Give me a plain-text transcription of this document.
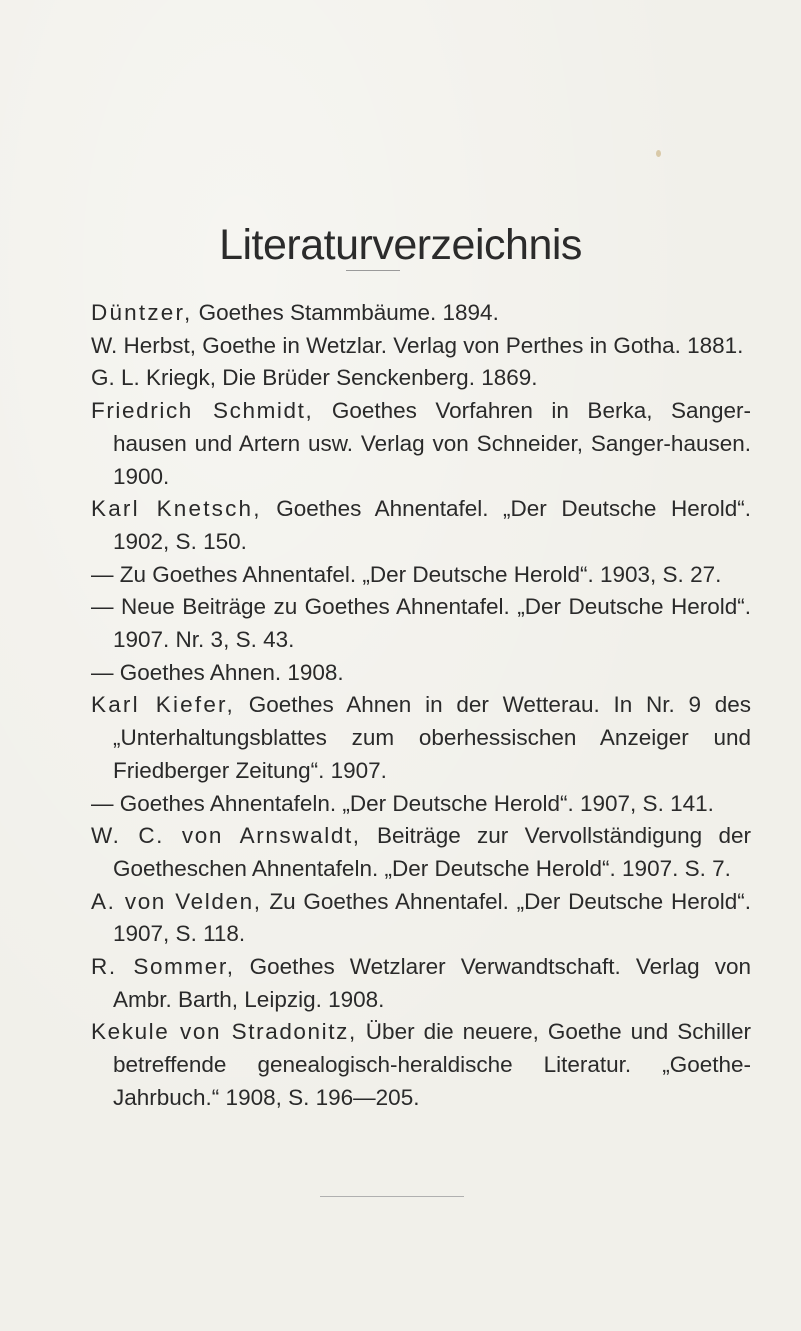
Literaturverzeichnis
Düntzer, Goethes Stammbäume. 1894.
W. Herbst, Goethe in Wetzlar. Verlag von Perthes in Gotha. 1881.
G. L. Kriegk, Die Brüder Senckenberg. 1869.
Friedrich Schmidt, Goethes Vorfahren in Berka, Sanger-hausen und Artern usw. Verlag von Schneider, Sanger-hausen. 1900.
Karl Knetsch, Goethes Ahnentafel. „Der Deutsche Herold“. 1902, S. 150.
— Zu Goethes Ahnentafel. „Der Deutsche Herold“. 1903, S. 27.
— Neue Beiträge zu Goethes Ahnentafel. „Der Deutsche Herold“. 1907. Nr. 3, S. 43.
— Goethes Ahnen. 1908.
Karl Kiefer, Goethes Ahnen in der Wetterau. In Nr. 9 des „Unterhaltungsblattes zum oberhessischen Anzeiger und Friedberger Zeitung“. 1907.
— Goethes Ahnentafeln. „Der Deutsche Herold“. 1907, S. 141.
W. C. von Arnswaldt, Beiträge zur Vervollständigung der Goetheschen Ahnentafeln. „Der Deutsche Herold“. 1907. S. 7.
A. von Velden, Zu Goethes Ahnentafel. „Der Deutsche Herold“. 1907, S. 118.
R. Sommer, Goethes Wetzlarer Verwandtschaft. Verlag von Ambr. Barth, Leipzig. 1908.
Kekule von Stradonitz, Über die neuere, Goethe und Schiller betreffende genealogisch-heraldische Literatur. „Goethe-Jahrbuch.“ 1908, S. 196—205.
